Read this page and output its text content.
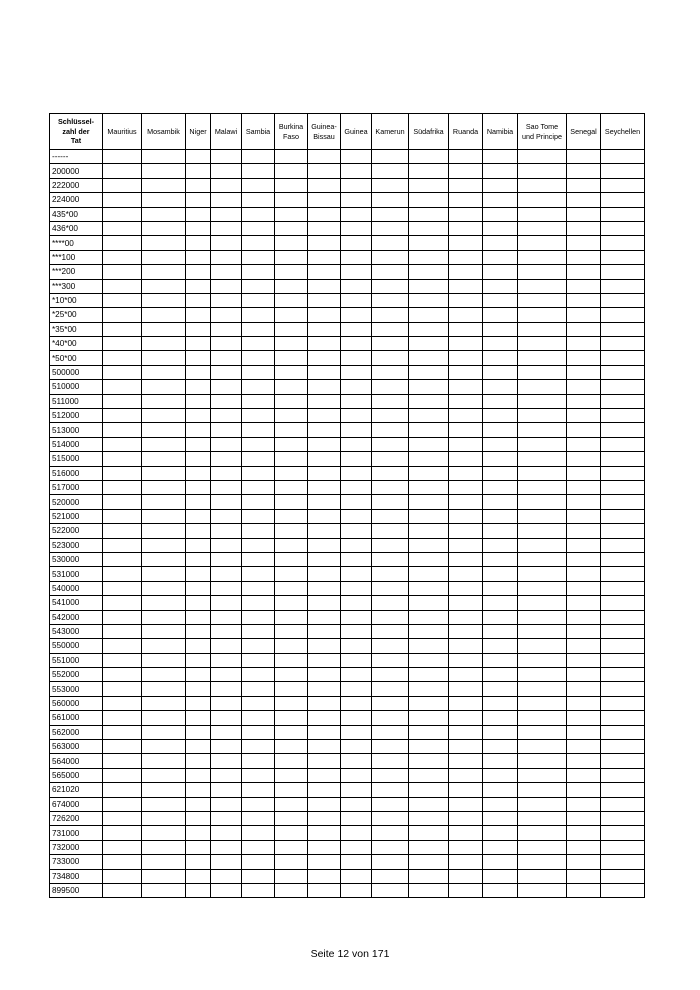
Schlüssel-
zahl der
Tat	Mauritius	Mosambik	Niger	Malawi	Sambia	Burkina
Faso	Guinea-
Bissau	Guinea	Kamerun	Südafrika	Ruanda	Namibia	Sao Tome
und Principe	Senegal	Seychellen

------															
200000															
222000															
224000															
435*00															
436*00															
****00															
***100															
***200															
***300															
*10*00															
*25*00															
*35*00															
*40*00															
*50*00															
500000															
510000															
511000															
512000															
513000															
514000															
515000															
516000															
517000															
520000															
521000															
522000															
523000															
530000															
531000															
540000															
541000															
542000															
543000															
550000															
551000															
552000															
553000															
560000															
561000															
562000															
563000															
564000															
565000															
621020															
674000															
726200															
731000															
732000															
733000															
734800															
899500															
Seite 12 von 171
